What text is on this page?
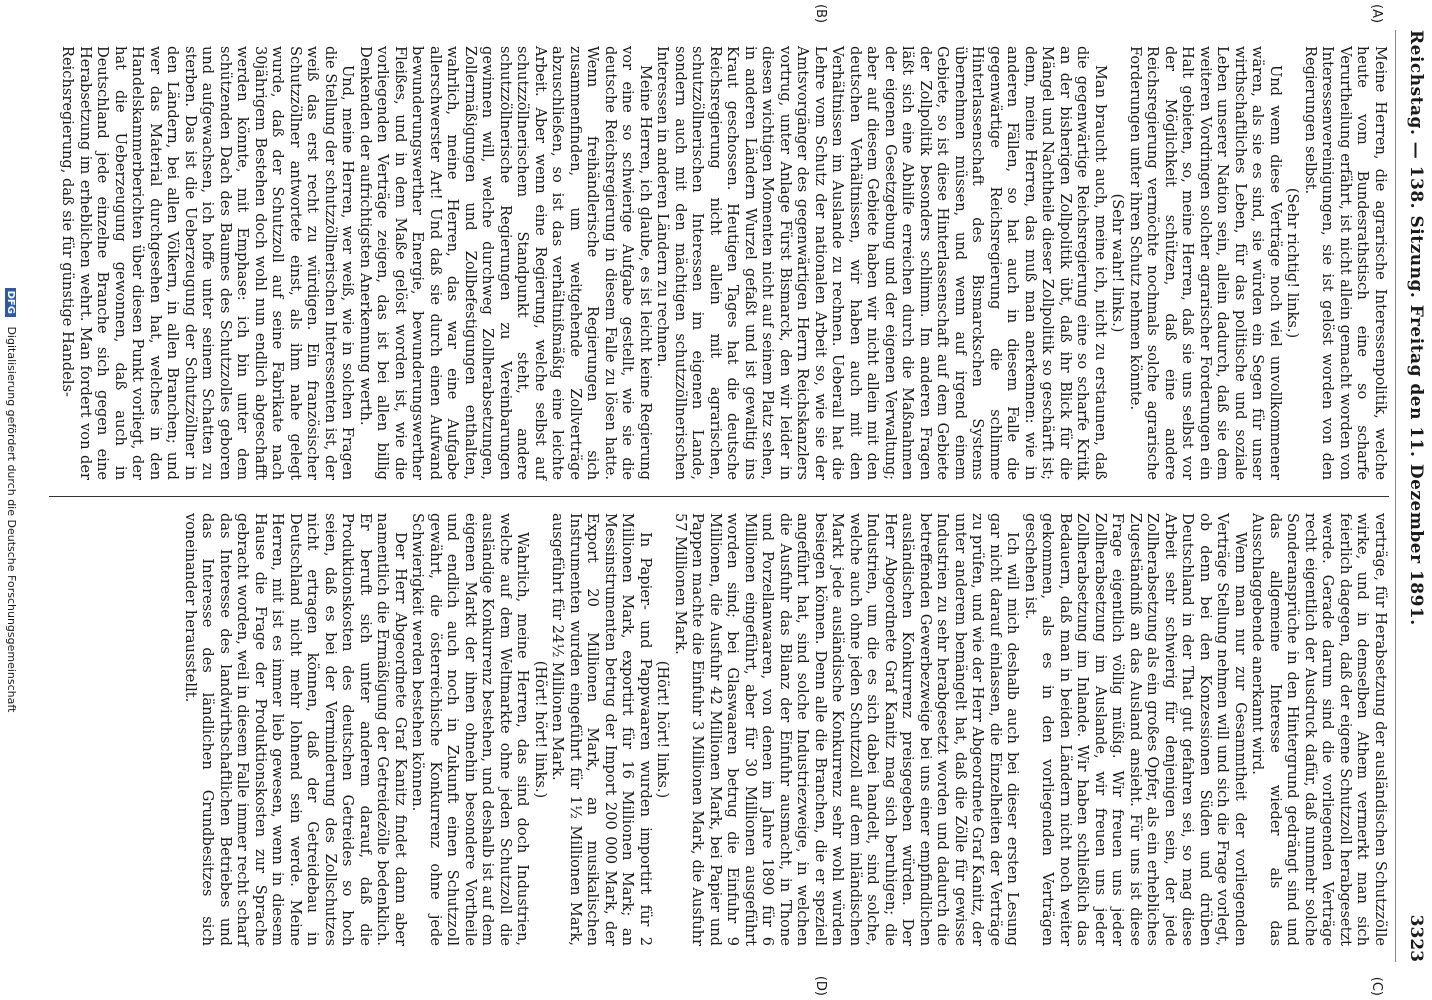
Reichstag. — 138. Sitzung. Freitag den 11. Dezember 1891.
3323
(A)
(B)

Meine Herren, die agrarische Interessenpolitik, welche heute vom Bundesrathstisch eine so scharfe Verurtheilung erfährt, ist nicht allein gemacht worden von Interessenvereinigungen, sie ist gelöst worden von den Regierungen selbst.

(Sehr richtig! links.)

Und wenn diese Verträge noch viel unvollkommener wären, als sie es sind, sie würden ein Segen für unser wirthschaftliches Leben, für das politische und soziale Leben unserer Nation sein, allein dadurch, daß sie dem weiteren Vordringen solcher agrarischer Forderungen ein Halt gebieten, so, meine Herren, daß sie uns selbst vor der Möglichkeit schützen, daß eine andere Reichsregierung vermöchte nochmals solche agrarische Forderungen unter ihren Schutz nehmen könnte.

(Sehr wahr! links.)

Man braucht auch, meine ich, nicht zu erstaunen, daß die gegenwärtige Reichsregierung eine so scharfe Kritik an der bisherigen Zollpolitik übt, daß ihr Blick für die Mängel und Nachtheile dieser Zollpolitik so geschärft ist; denn, meine Herren, das muß man anerkennen: wie in anderen Fällen, so hat auch in diesem Falle die gegenwärtige Reichsregierung die schlimme Hinterlassenschaft des Bismarckschen Systems übernehmen müssen, und wenn auf irgend einem Gebiete, so ist diese Hinterlassenschaft auf dem Gebiete der Zollpolitik besonders schlimm. Im anderen Fragen läßt sich eine Abhilfe erreichen durch die Maßnahmen der eigenen Gesetzgebung und der eigenen Verwaltung; aber auf diesem Gebiete haben wir nicht allein mit den deutschen Verhältnissen, wir haben auch mit den Verhältnissen im Auslande zu rechnen. Ueberall hat die Lehre vom Schutz der nationalen Arbeit so, wie sie der Amtsvorgänger des gegenwärtigen Herrn Reichskanzlers vortrug, unter Anlage Fürst Bismarck, den wir leider in diesen wichtigen Momenten nicht auf seinem Platz sehen, in anderen Ländern Wurzel gefaßt und ist gewaltig ins Kraut geschossen. Heutigen Tages hat die deutsche Reichsregierung nicht allein mit agrarischen, schutzzöllnerischen Interessen im eigenen Lande, sondern auch mit den mächtigen schutzzöllnerischen Interessen in anderen Ländern zu rechnen.

Meine Herren, ich glaube, es ist leicht keine Regierung vor eine so schwierige Aufgabe gestellt, wie sie die deutsche Reichsregierung in diesem Falle zu lösen hatte. Wenn freihändlerische Regierungen sich zusammenfinden, um weitgehende Zollverträge abzuschließen, so ist das verhältnißmäßig eine leichte Arbeit. Aber wenn eine Regierung, welche selbst auf schutzzöllnerischem Standpunkt steht, andere schutzzöllnerische Regierungen zu Vereinbarungen gewinnen will, welche durchweg Zollherabsetzungen, Zollermäßigungen und Zollbefestigungen enthalten, wahrlich, meine Herren, das war eine Aufgabe allerschwerster Art! Und daß sie durch einen Aufwand bewunderungswerther Energie, bewunderungswerther Fleißes, und in dem Maße gelöst worden ist, wie die vorliegenden Verträge zeigen, das ist bei allen billig Denkenden der aufrichtigsten Anerkennung werth.

Und, meine Herren, wer weiß, wie in solchen Fragen die Stellung der schutzzöllnerischen Interessenten ist, der weiß das erst recht zu würdigen. Ein französischer Schutzzöllner antwortete einst, als ihm nahe gelegt wurde, daß der Schutzzoll auf seine Fabrikate nach 30jährigem Bestehen doch wohl nun endlich abgeschafft werden könnte, mit Emphase: ich bin unter dem schützenden Dach des Baumes des Schutzzolles geboren und aufgewachsen, ich hoffe unter seinem Schatten zu sterben. Das ist die Ueberzeugung der Schutzzöllner in den Ländern, bei allen Völkern, in allen Branchen; und wer das Material durchgesehen hat, welches in den Handelskammerberichten über diesen Punkt vorliegt, der hat die Ueberzeugung gewonnen, daß auch in Deutschland jede einzelne Branche sich gegen eine Herabsetzung im erheblichen wehrt. Man fordert von der Reichsregierung, daß sie für günstige Handels-

(C)
(D)

verträge, für Herabsetzung der ausländischen Schutzzölle wirke, und in demselben Athem vermerkt man sich feierlich dagegen, daß der eigene Schutzzoll herabgesetzt werde. Gerade darum sind die vorliegenden Verträge recht eigentlich der Ausdruck dafür, daß nunmehr solche Sonderansprüche in den Hintergrund gedrängt sind und das allgemeine Interesse wieder als das Ausschlaggebende anerkannt wird.

Wenn man nur zur Gesammtheit der vorliegenden Verträge Stellung nehmen will und sich die Frage vorlegt, ob denn bei den Konzessionen Süden und drüben Deutschland in der That gut gefahren sei, so mag diese Arbeit sehr schwierig für denjenigen sein, der jede Zollherabsetzung als ein großes Opfer, als ein erhebliches Zugeständniß an das Ausland ansieht. Für uns ist diese Frage eigentlich völlig müßig. Wir freuen uns jeder Zollherabsetzung im Auslande, wir freuen uns jeder Zollherabsetzung im Inlande. Wir haben schließlich das Bedauern, daß man in beiden Ländern nicht noch weiter gekommen, als es in den vorliegenden Verträgen geschehen ist.

Ich will mich deshalb auch bei dieser ersten Lesung gar nicht darauf einlassen, die Einzelheiten der Verträge zu prüfen, und wie der Herr Abgeordnete Graf Kanitz, der unter anderem bemängelt hat, daß die Zölle für gewisse Industrien zu sehr herabgesetzt worden und dadurch die betreffenden Gewerbezweige bei uns einer empfindlichen ausländischen Konkurrenz preisgegeben würden. Der Herr Abgeordnete Graf Kanitz mag sich beruhigen; die Industrien, um die es sich dabei handelt, sind solche, welche auch ohne jeden Schutzzoll auf dem inländischen Markt jede ausländische Konkurrenz sehr wohl würden besiegen können. Denn alle die Branchen, die er speziell angeführt hat, sind solche Industriezweige, in welchen die Ausfuhr das Bilanz der Einfuhr ausmacht, in Thone und Porzellanwaaren, von denen im Jahre 1890 für 6 Millionen eingeführt, aber für 30 Millionen ausgeführt worden sind; bei Glaswaaren betrug die Einfuhr 9 Millionen, die Ausfuhr 42 Millionen Mark, bei Papier und Pappen machte die Einfuhr 3 Millionen Mark, die Ausfuhr 57 Millionen Mark.

(Hört! hört! links.)

In Papier- und Pappwaaren wurden importirt für 2 Millionen Mark, exportirt für 16 Millionen Mark; an Messinstrumenten betrug der Import 200 000 Mark, der Export 20 Millionen Mark, an musikalischen Instrumenten wurden eingeführt für 1½ Millionen Mark, ausgeführt für 24½ Millionen Mark.

(Hört! hört! links.)

Wahrlich, meine Herren, das sind doch Industrien, welche auf dem Weltmarkte ohne jeden Schutzzoll die ausländige Konkurrenz bestehen, und deshalb ist auf dem eigenen Markt der ihnen ohnehin besondere Vortheile und endlich auch noch in Zukunft einen Schutzzoll gewährt, die österreichische Konkurrenz ohne jede Schwierigkeit werden bestehen können.

Der Herr Abgeordnete Graf Kanitz findet dann aber namentlich die Ermäßigung der Getreidezölle bedenklich. Er beruft sich unter anderem darauf, daß die Produktionskosten des deutschen Getreides so hoch seien, daß es bei der Verminderung des Zollschutzes nicht ertragen können, daß der Getreidebau in Deutschland nicht mehr lohnend sein werde. Meine Herren, mit ist es immer lieb gewesen, wenn in diesem Hause die Frage der Produktionskosten zur Sprache gebracht worden, weil in diesem Falle immer recht scharf das Interesse des landwirthschaftlichen Betriebes und das Interesse des ländlichen Grundbesitzes sich voneinander herausstellt.

DFG Digitalisierung gefördert durch die Deutsche Forschungsgemeinschaft
